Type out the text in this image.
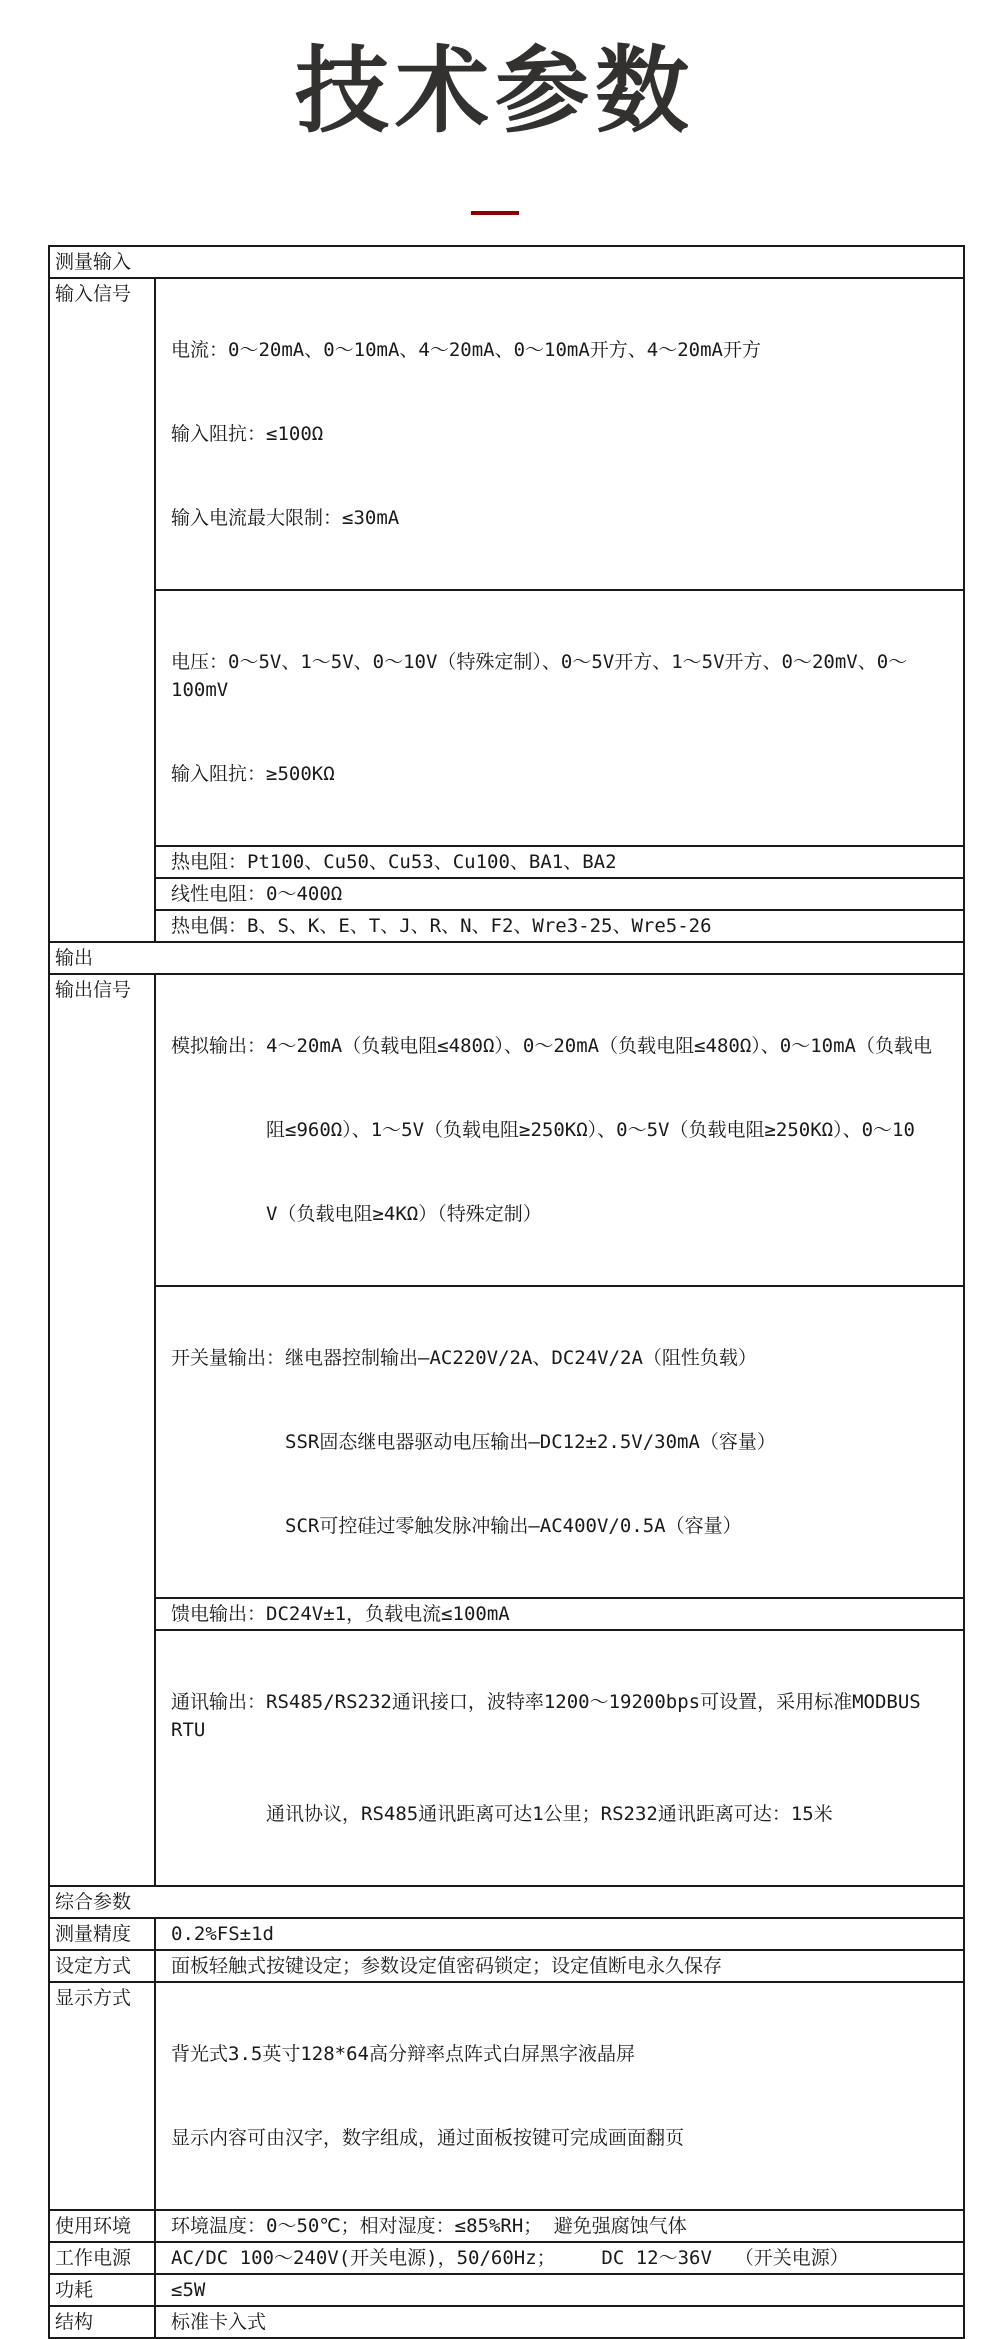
技术参数
测量输入	
输入信号	电流：0～20mA、0～10mA、4～20mA、0～10mA开方、4～20mA开方

输入阻抗：≤100Ω

输入电流最大限制：≤30mA

	电压：0～5V、1～5V、0～10V（特殊定制）、0～5V开方、1～5V开方、0～20mV、0～100mV

输入阻抗：≥500KΩ

	热电阻：Pt100、Cu50、Cu53、Cu100、BA1、BA2
	线性电阻：0～400Ω
	热电偶：B、S、K、E、T、J、R、N、F2、Wre3-25、Wre5-26
输出	
输出信号	模拟输出：4～20mA（负载电阻≤480Ω）、0～20mA（负载电阻≤480Ω）、0～10mA（负载电

阻≤960Ω）、1～5V（负载电阻≥250KΩ）、0～5V（负载电阻≥250KΩ）、0～10

V（负载电阻≥4KΩ）（特殊定制）

	开关量输出：继电器控制输出—AC220V/2A、DC24V/2A（阻性负载）

SSR固态继电器驱动电压输出—DC12±2.5V/30mA（容量）

SCR可控硅过零触发脉冲输出—AC400V/0.5A（容量）

	馈电输出：DC24V±1，负载电流≤100mA

	通讯输出：RS485/RS232通讯接口，波特率1200～19200bps可设置，采用标准MODBUS RTU

通讯协议，RS485通讯距离可达1公里；RS232通讯距离可达：15米

综合参数	
测量精度	0.2%FS±1d
设定方式	面板轻触式按键设定；参数设定值密码锁定；设定值断电永久保存
显示方式	背光式3.5英寸128*64高分辩率点阵式白屏黑字液晶屏

显示内容可由汉字，数字组成，通过面板按键可完成画面翻页

使用环境	环境温度：0～50℃；相对湿度：≤85%RH； 避免强腐蚀气体
工作电源	AC/DC 100～240V(开关电源)，50/60Hz；    DC 12～36V  （开关电源）
功耗	≤5W
结构	标准卡入式
